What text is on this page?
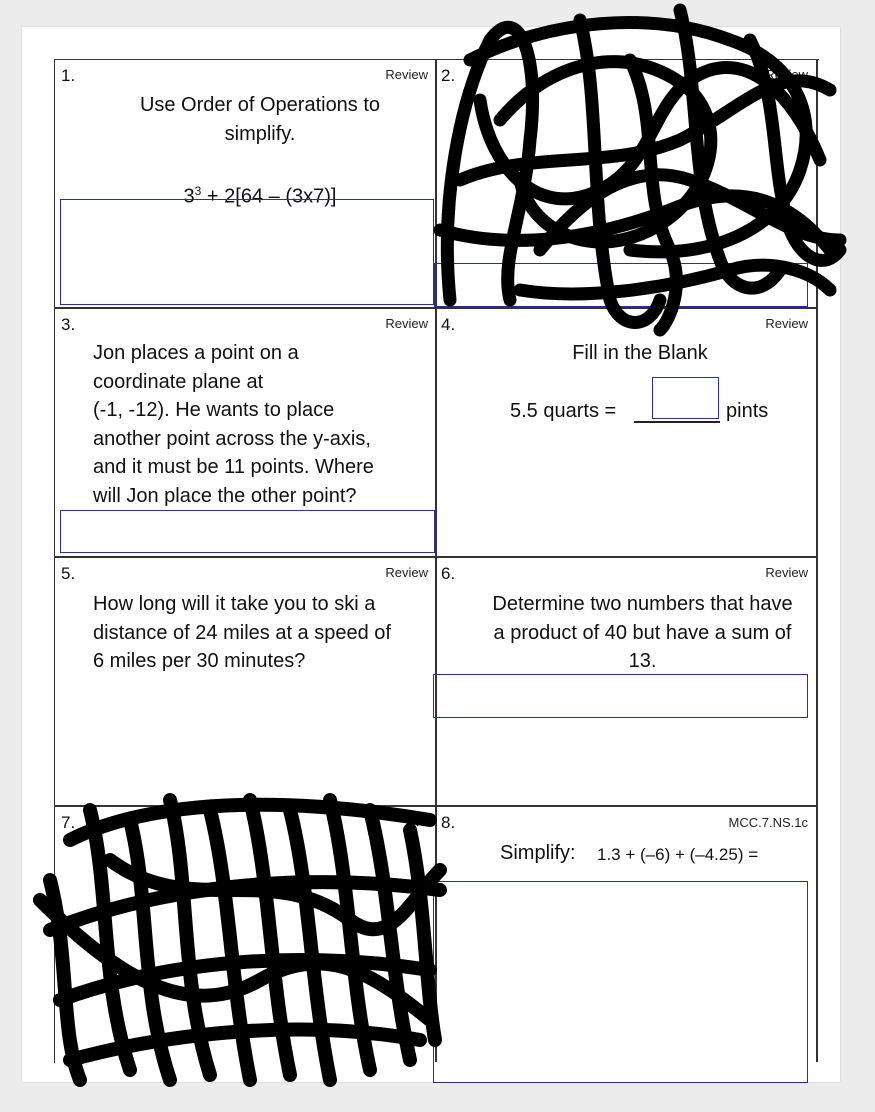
1.	Review
Use Order of Operations to
simplify.
$3^3 + 2[64 - (3x7)]$
2.	Review
3.	Review
Jon places a point on a
coordinate plane at
(-1, -12). He wants to place
another point across the y-axis,
and it must be 11 points. Where
will Jon place the other point?
4.	Review
Fill in the Blank
5.5 quarts =	pints
5.	Review
How long will it take you to ski a
distance of 24 miles at a speed of
6 miles per 30 minutes?
6.	Review
Determine two numbers that have
a product of 40 but have a sum of
13.
7.	NS 8.	MCC.7.NS.1c
Simplify:	1.3 + (–6) + (–4.25) =
